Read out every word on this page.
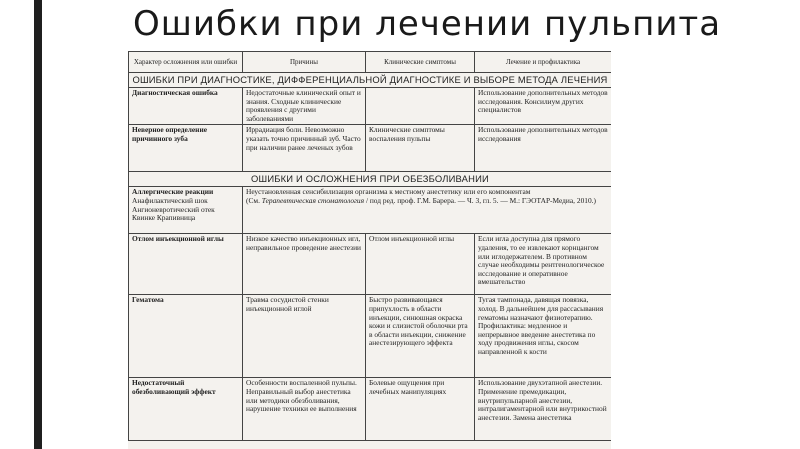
Ошибки при лечении пульпита
Характер осложнения или ошибки	Причины	Клинические симптомы	Лечение и профилактика
ОШИБКИ ПРИ ДИАГНОСТИКЕ, ДИФФЕРЕНЦИАЛЬНОЙ ДИАГНОСТИКЕ И ВЫБОРЕ МЕТОДА ЛЕЧЕНИЯ			
Диагностическая ошибка	Недостаточные клинический опыт и знания. Сходные клинические проявления с другими заболеваниями		Использование дополнительных методов исследования. Консилиум других специалистов
Неверное определение причинного зуба	Иррадиация боли. Невозможно указать точно причинный зуб. Часто при наличии ранее леченых зубов	Клинические симптомы воспаления пульпы	Использование дополнительных методов исследования
ОШИБКИ И ОСЛОЖНЕНИЯ ПРИ ОБЕЗБОЛИВАНИИ			
Аллергические реакции
Анафилактический шок Ангионевротический отек Квинке Крапивница	Неустановленная сенсибилизация организма к местному анестетику или его компонентам
(См. Терапевтическая стоматология / под ред. проф. Г.М. Барера. — Ч. 3, гл. 5. — М.: ГЭОТАР-Медиа, 2010.)		
Отлом инъекционной иглы	Низкое качество инъекционных игл, неправильное проведение анестезии	Отлом инъекционной иглы	Если игла доступна для прямого удаления, то ее извлекают корнцангом или иглодержателем. В противном случае необходимы рентгенологическое исследование и оперативное вмешательство
Гематома	Травма сосудистой стенки инъекционной иглой	Быстро развивающаяся припухлость в области инъекции, синюшная окраска кожи и слизистой оболочки рта в области инъекции, снижение анестезирующего эффекта	Тугая тампонада, давящая повязка, холод. В дальнейшем для рассасывания гематомы назначают физиотерапию. Профилактика: медленное и непрерывное введение анестетика по ходу продвижения иглы, скосом направленной к кости
Недостаточный обезболивающий эффект	Особенности воспаленной пульпы. Неправильный выбор анестетика или методики обезболивания, нарушение техники ее выполнения	Болевые ощущения при лечебных манипуляциях	Использование двухэтапной анестезии. Применение премедикации, внутрипульпарной анестезии, интралигаментарной или внутрикостной анестезии. Замена анестетика
